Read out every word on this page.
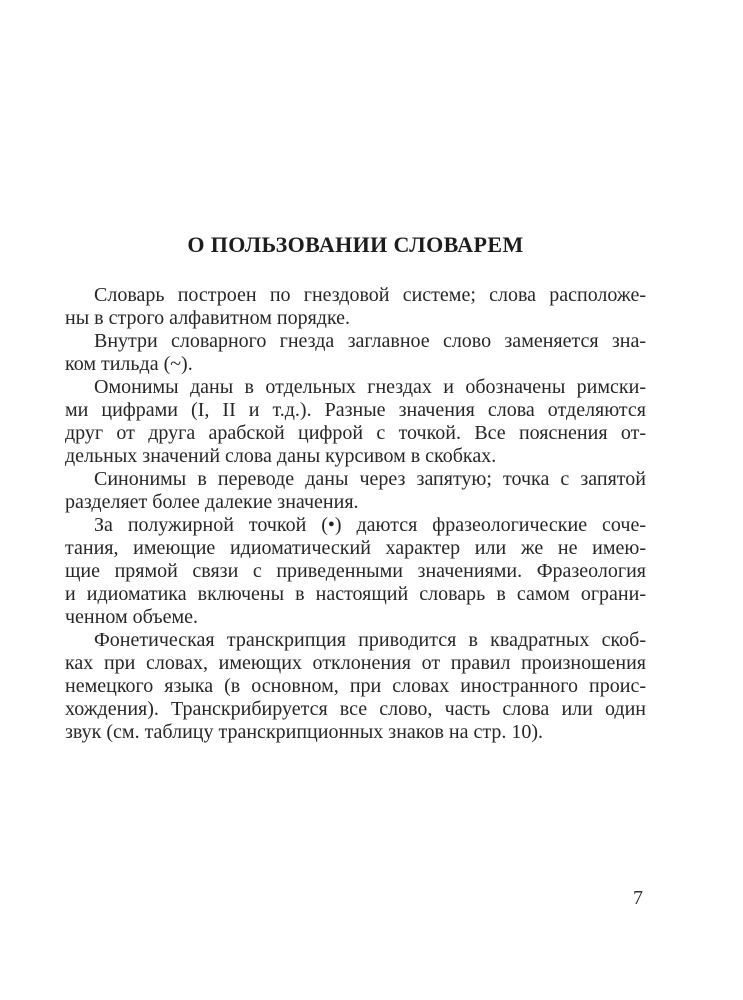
О ПОЛЬЗОВАНИИ СЛОВАРЕМ
Словарь построен по гнездовой системе; слова расположе-
ны в строго алфавитном порядке.
Внутри словарного гнезда заглавное слово заменяется зна-
ком тильда (~).
Омонимы даны в отдельных гнездах и обозначены римски-
ми цифрами (I, II и т.д.). Разные значения слова отделяются
друг от друга арабской цифрой с точкой. Все пояснения от-
дельных значений слова даны курсивом в скобках.
Синонимы в переводе даны через запятую; точка с запятой
разделяет более далекие значения.
За полужирной точкой (•) даются фразеологические соче-
тания, имеющие идиоматический характер или же не имею-
щие прямой связи с приведенными значениями. Фразеология
и идиоматика включены в настоящий словарь в самом ограни-
ченном объеме.
Фонетическая транскрипция приводится в квадратных скоб-
ках при словах, имеющих отклонения от правил произношения
немецкого языка (в основном, при словах иностранного проис-
хождения). Транскрибируется все слово, часть слова или один
звук (см. таблицу транскрипционных знаков на стр. 10).
7
